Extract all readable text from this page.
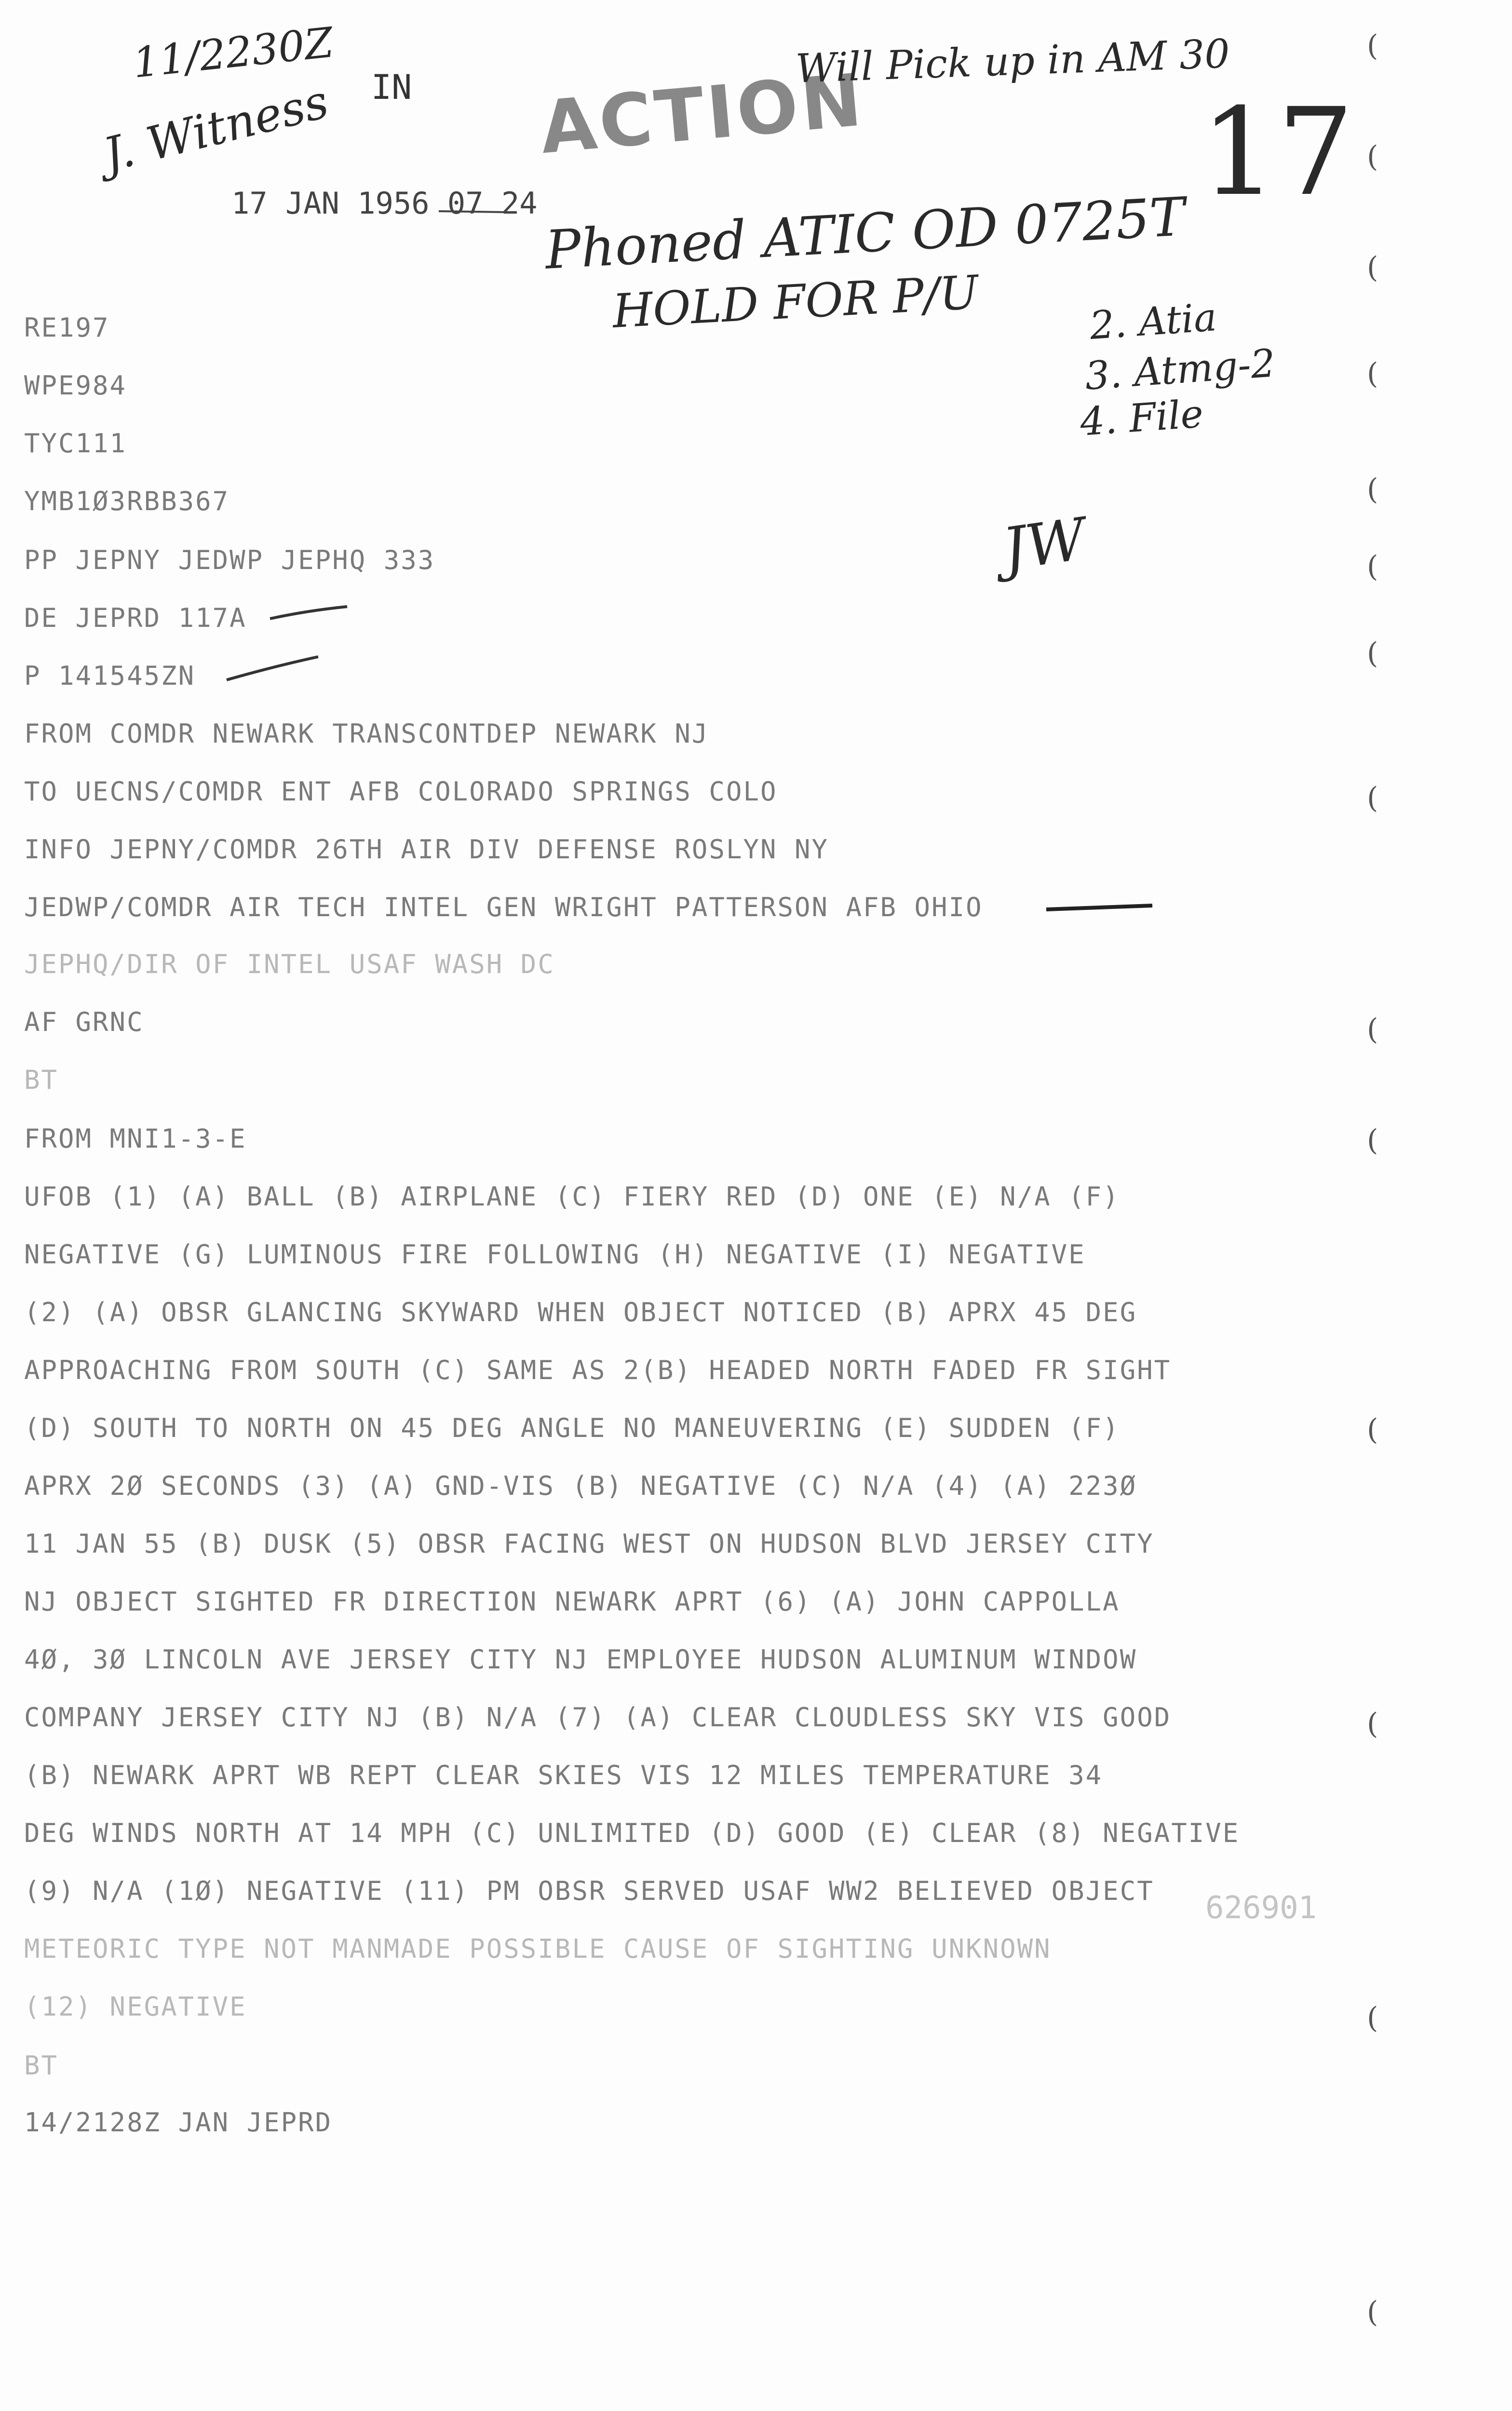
11/2230Z
J. Witness IN ACTION
17 JAN 1956 07 24
Will Pick up in AM 30
17
Phoned ATIC OD 0725T
HOLD FOR P/U	2. Atia
3. Atmg-2
4. File
JW
RE197
WPE984
TYC111
YMB1Ø3RBB367
PP JEPNY JEDWP JEPHQ 333
DE JEPRD 117A
P 141545ZN
FROM COMDR NEWARK TRANSCONTDEP NEWARK NJ
TO UECNS/COMDR ENT AFB COLORADO SPRINGS COLO
INFO JEPNY/COMDR 26TH AIR DIV DEFENSE ROSLYN NY
JEDWP/COMDR AIR TECH INTEL GEN WRIGHT PATTERSON AFB OHIO
JEPHQ/DIR OF INTEL USAF WASH DC
AF GRNC
BT
FROM MNI1-3-E
UFOB (1) (A) BALL (B) AIRPLANE (C) FIERY RED (D) ONE (E) N/A (F)
NEGATIVE (G) LUMINOUS FIRE FOLLOWING (H) NEGATIVE (I) NEGATIVE
(2) (A) OBSR GLANCING SKYWARD WHEN OBJECT NOTICED (B) APRX 45 DEG
APPROACHING FROM SOUTH (C) SAME AS 2(B) HEADED NORTH FADED FR SIGHT
(D) SOUTH TO NORTH ON 45 DEG ANGLE NO MANEUVERING (E) SUDDEN (F)
APRX 2Ø SECONDS (3) (A) GND-VIS (B) NEGATIVE (C) N/A (4) (A) 223Ø
11 JAN 55 (B) DUSK (5) OBSR FACING WEST ON HUDSON BLVD JERSEY CITY
NJ OBJECT SIGHTED FR DIRECTION NEWARK APRT (6) (A) JOHN CAPPOLLA
4Ø, 3Ø LINCOLN AVE JERSEY CITY NJ EMPLOYEE HUDSON ALUMINUM WINDOW
COMPANY JERSEY CITY NJ (B) N/A (7) (A) CLEAR CLOUDLESS SKY VIS GOOD
(B) NEWARK APRT WB REPT CLEAR SKIES VIS 12 MILES TEMPERATURE 34
DEG WINDS NORTH AT 14 MPH (C) UNLIMITED (D) GOOD (E) CLEAR (8) NEGATIVE
(9) N/A (1Ø) NEGATIVE (11) PM OBSR SERVED USAF WW2 BELIEVED OBJECT
METEORIC TYPE NOT MANMADE POSSIBLE CAUSE OF SIGHTING UNKNOWN
(12) NEGATIVE
BT
14/2128Z JAN JEPRD
626901
(
(
(
(
(
(
(
(
(
(
(
(
(
(
